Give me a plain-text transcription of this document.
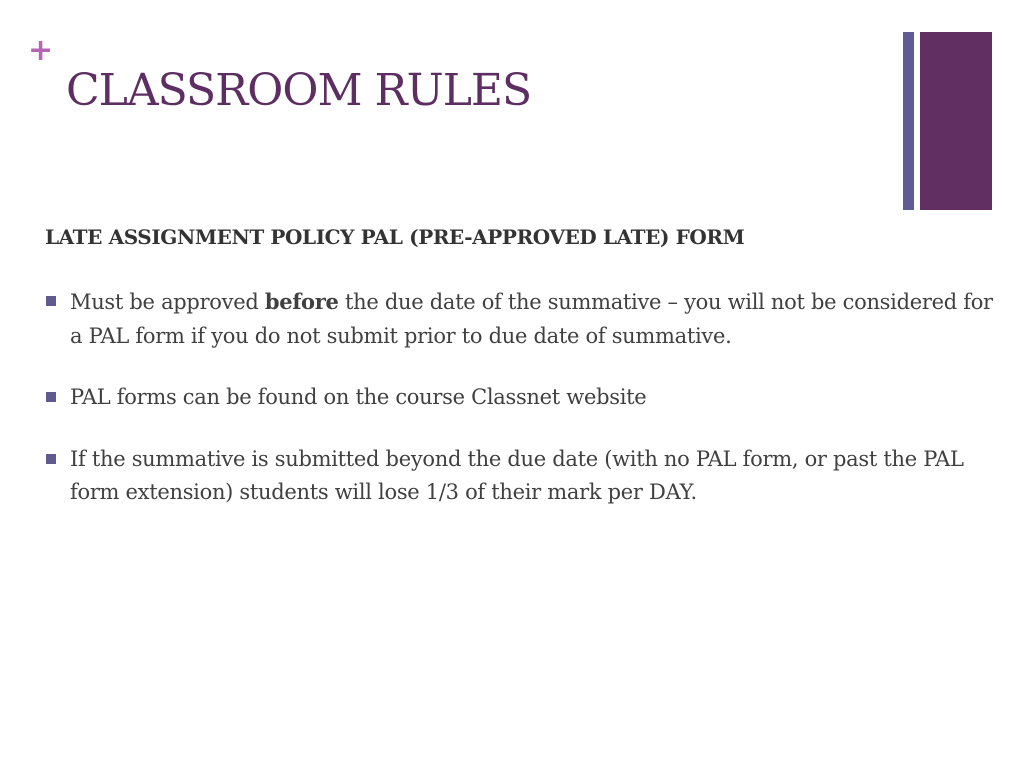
+
CLASSROOM RULES
LATE ASSIGNMENT POLICY PAL (PRE-APPROVED LATE) FORM
Must be approved before the due date of the summative – you will not be considered for a PAL form if you do not submit prior to due date of summative.
PAL forms can be found on the course Classnet website
If the summative is submitted beyond the due date (with no PAL form, or past the PAL form extension) students will lose 1/3 of their mark per DAY.
